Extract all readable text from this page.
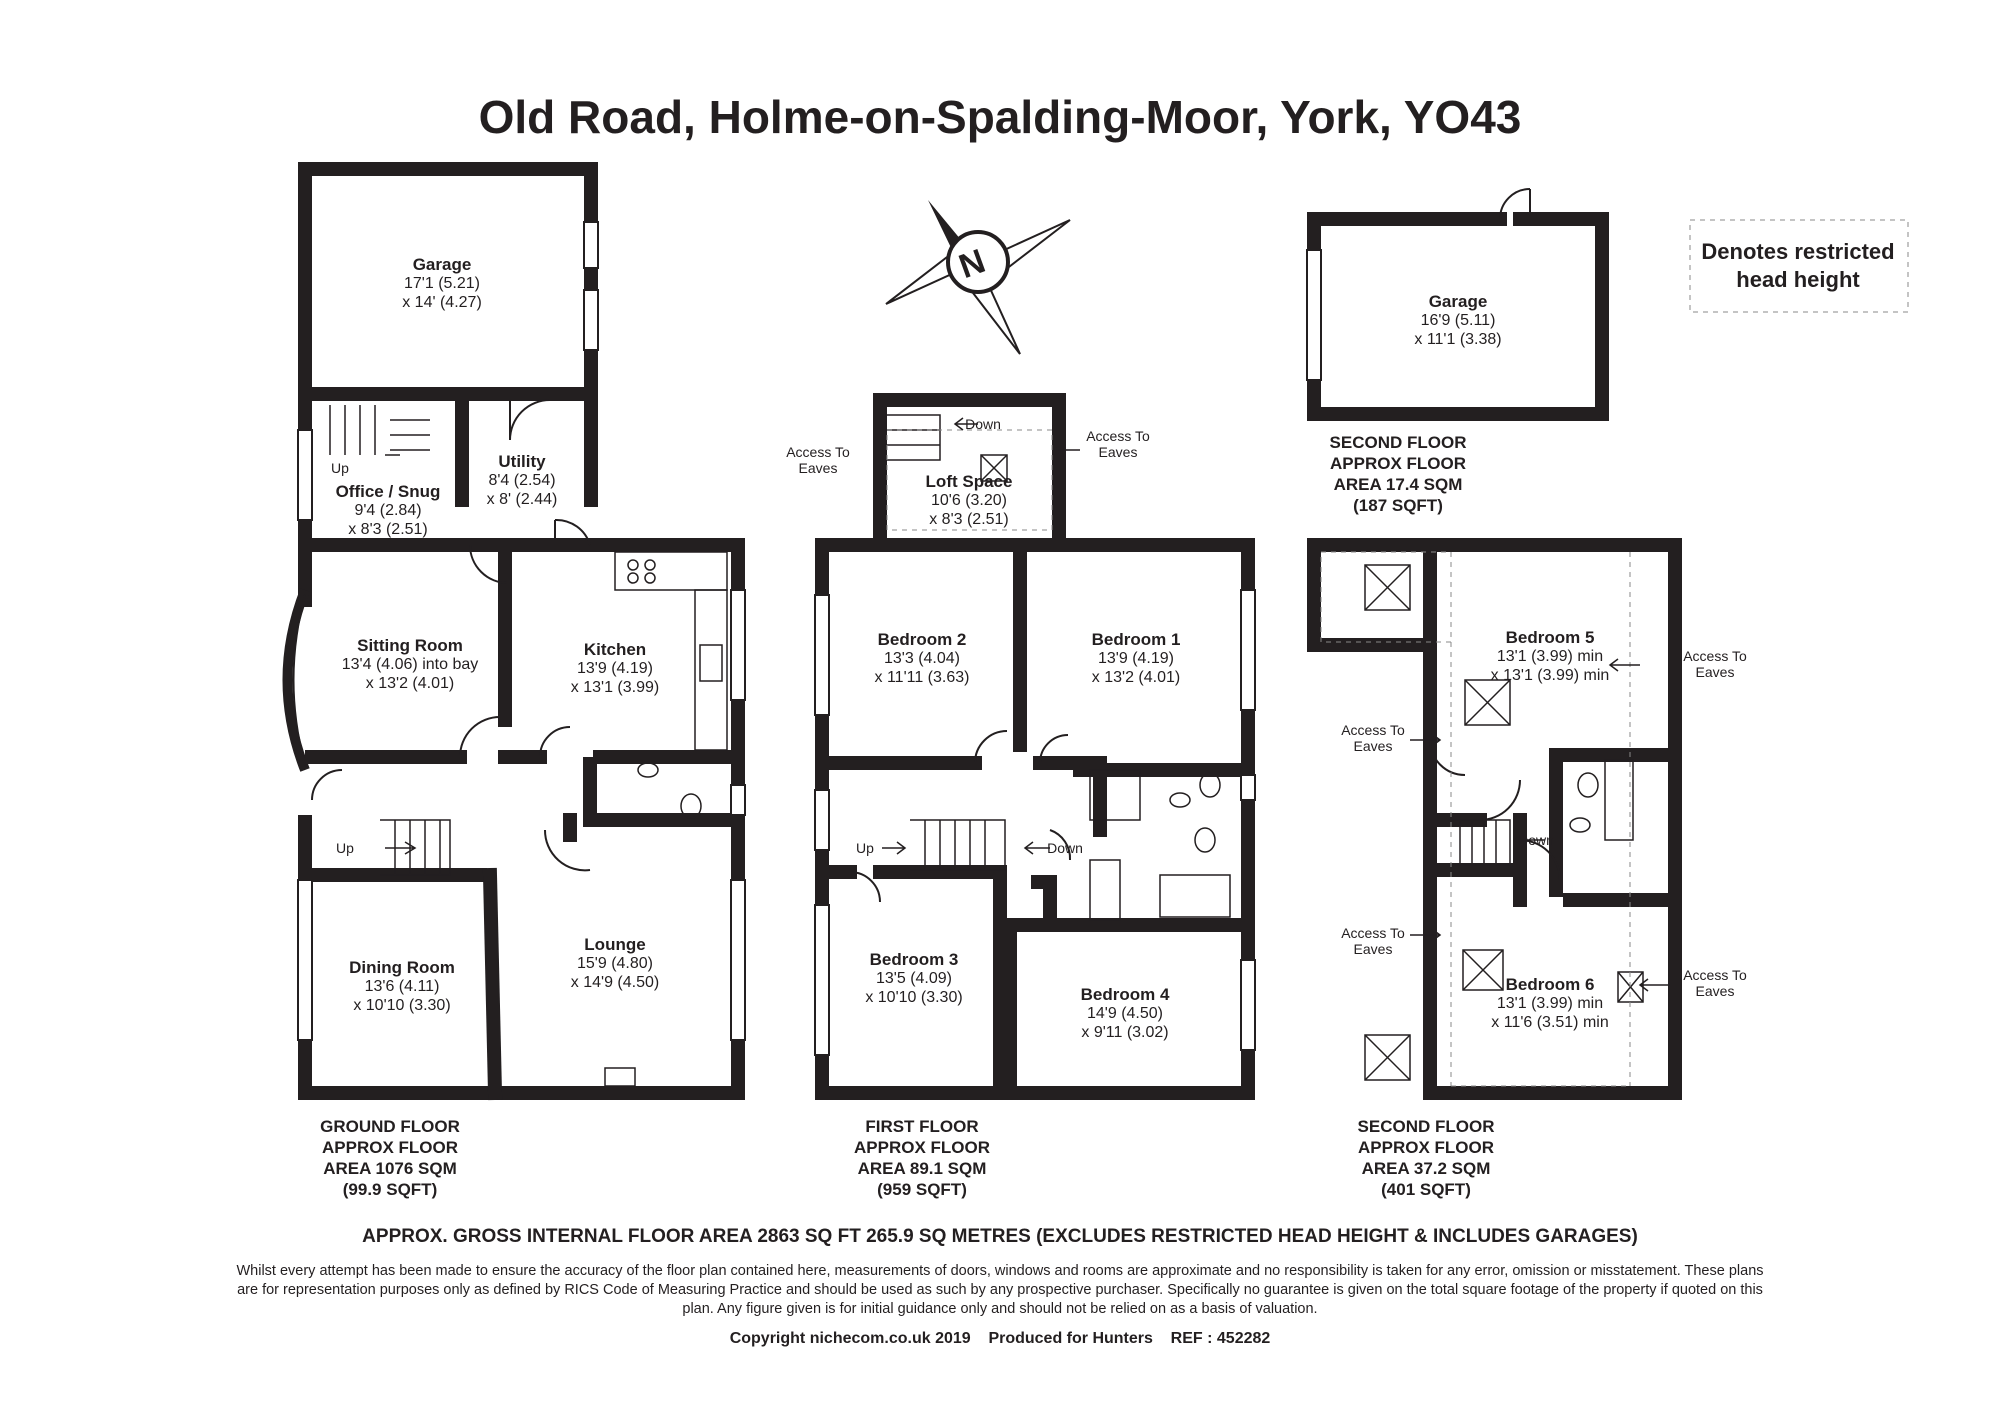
Old Road, Holme-on-Spalding-Moor, York, YO43
Denotes restricted
head height
N
Garage
17'1 (5.21)
x 14' (4.27)
Office / Snug
9'4 (2.84)
x 8'3 (2.51)
Utility
8'4 (2.54)
x 8' (2.44)
Sitting Room
13'4 (4.06) into bay
x 13'2 (4.01)
Kitchen
13'9 (4.19)
x 13'1 (3.99)
Dining Room
13'6 (4.11)
x 10'10 (3.30)
Lounge
15'9 (4.80)
x 14'9 (4.50)
Up
Up
Loft Space
10'6 (3.20)
x 8'3 (2.51)
Bedroom 2
13'3 (4.04)
x 11'11 (3.63)
Bedroom 1
13'9 (4.19)
x 13'2 (4.01)
Bedroom 3
13'5 (4.09)
x 10'10 (3.30)	Bedroom 4
14'9 (4.50)
x 9'11 (3.02)
Down
Up	Down
Access To Eaves
Access To Eaves
Garage
16'9 (5.11)
x 11'1 (3.38)
SECOND FLOOR
APPROX FLOOR
AREA 17.4 SQM
(187 SQFT)
Bedroom 5
13'1 (3.99) min
x 13'1 (3.99) min
Bedroom 6
13'1 (3.99) min
x 11'6 (3.51) min
Down
Access To Eaves
Access To Eaves
Access To Eaves
Access To Eaves
GROUND FLOOR
APPROX FLOOR
AREA 1076 SQM
(99.9 SQFT)
FIRST FLOOR
APPROX FLOOR
AREA 89.1 SQM
(959 SQFT)
SECOND FLOOR
APPROX FLOOR
AREA 37.2 SQM
(401 SQFT)
APPROX. GROSS INTERNAL FLOOR AREA 2863 SQ FT 265.9 SQ METRES (EXCLUDES RESTRICTED HEAD HEIGHT & INCLUDES GARAGES)
Whilst every attempt has been made to ensure the accuracy of the floor plan contained here, measurements of doors, windows and rooms are approximate and no responsibility is taken for any error, omission or misstatement. These plans are for representation purposes only as defined by RICS Code of Measuring Practice and should be used as such by any prospective purchaser. Specifically no guarantee is given on the total square footage of the property if quoted on this plan. Any figure given is for initial guidance only and should not be relied on as a basis of valuation.
Copyright nichecom.co.uk 2019    Produced for Hunters    REF : 452282
